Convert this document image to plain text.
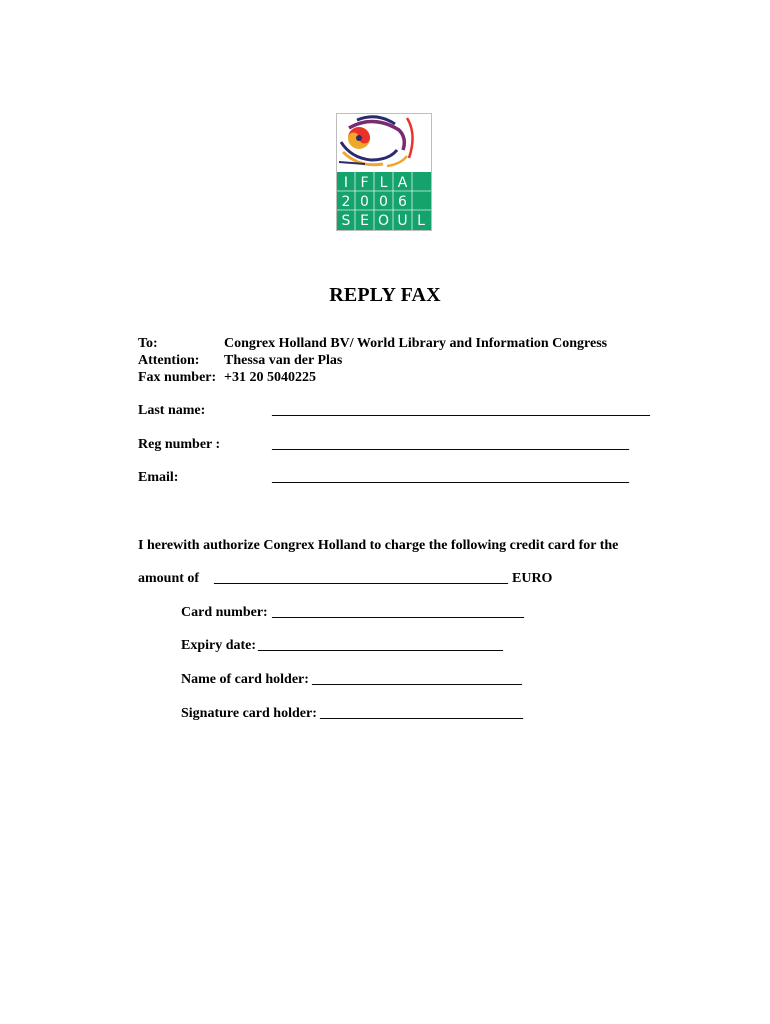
I F L A
2 0 0 6
S E O U L
REPLY FAX
To:	Congrex Holland BV/ World Library and Information Congress
Attention: Thessa van der Plas
Fax number: +31 20 5040225
Last name:	______________________________________________________
Reg number :	___________________________________________________
Email:	___________________________________________________
I herewith authorize Congrex Holland to charge the following credit card for the
amount of __________________________________________ EURO
Card number: ____________________________________
Expiry date: ___________________________________
Name of card holder: ______________________________
Signature card holder: _____________________________
